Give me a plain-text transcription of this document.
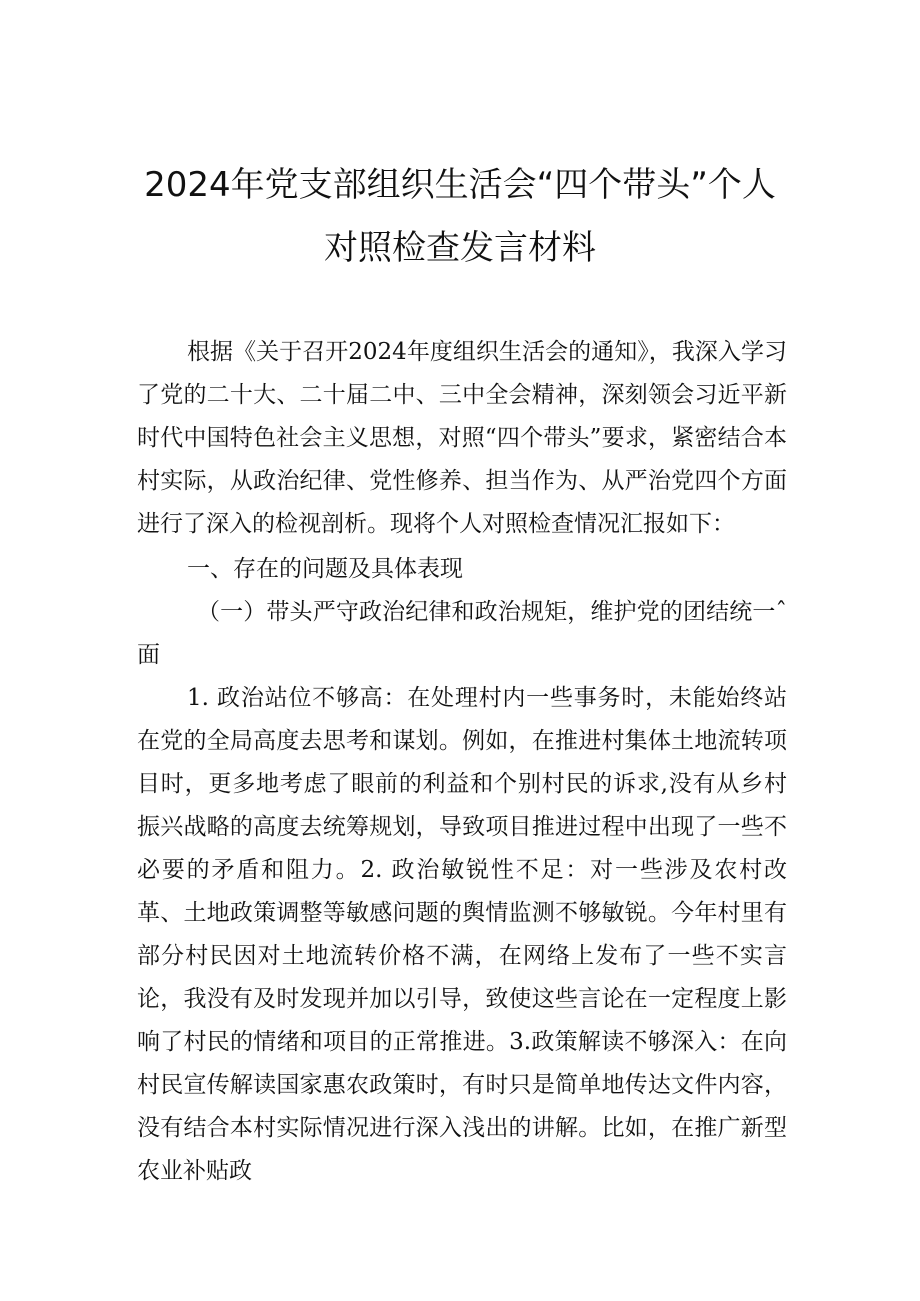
2024年党支部组织生活会“四个带头”个人
对照检查发言材料
根据《关于召开2024年度组织生活会的通知》，我深入学习了党的二十大、二十届二中、三中全会精神，深刻领会习近平新时代中国特色社会主义思想，对照“四个带头”要求，紧密结合本村实际，从政治纪律、党性修养、担当作为、从严治党四个方面进行了深入的检视剖析。现将个人对照检查情况汇报如下：
一、存在的问题及具体表现
（一）带头严守政治纪律和政治规矩，维护党的团结统一ˆ面
1. 政治站位不够高：在处理村内一些事务时，未能始终站在党的全局高度去思考和谋划。例如，在推进村集体土地流转项目时，更多地考虑了眼前的利益和个别村民的诉求,没有从乡村振兴战略的高度去统筹规划，导致项目推进过程中出现了一些不必要的矛盾和阻力。2. 政治敏锐性不足：对一些涉及农村改革、土地政策调整等敏感问题的舆情监测不够敏锐。今年村里有部分村民因对土地流转价格不满，在网络上发布了一些不实言论，我没有及时发现并加以引导，致使这些言论在一定程度上影响了村民的情绪和项目的正常推进。3.政策解读不够深入：在向村民宣传解读国家惠农政策时，有时只是简单地传达文件内容，没有结合本村实际情况进行深入浅出的讲解。比如，在推广新型农业补贴政
